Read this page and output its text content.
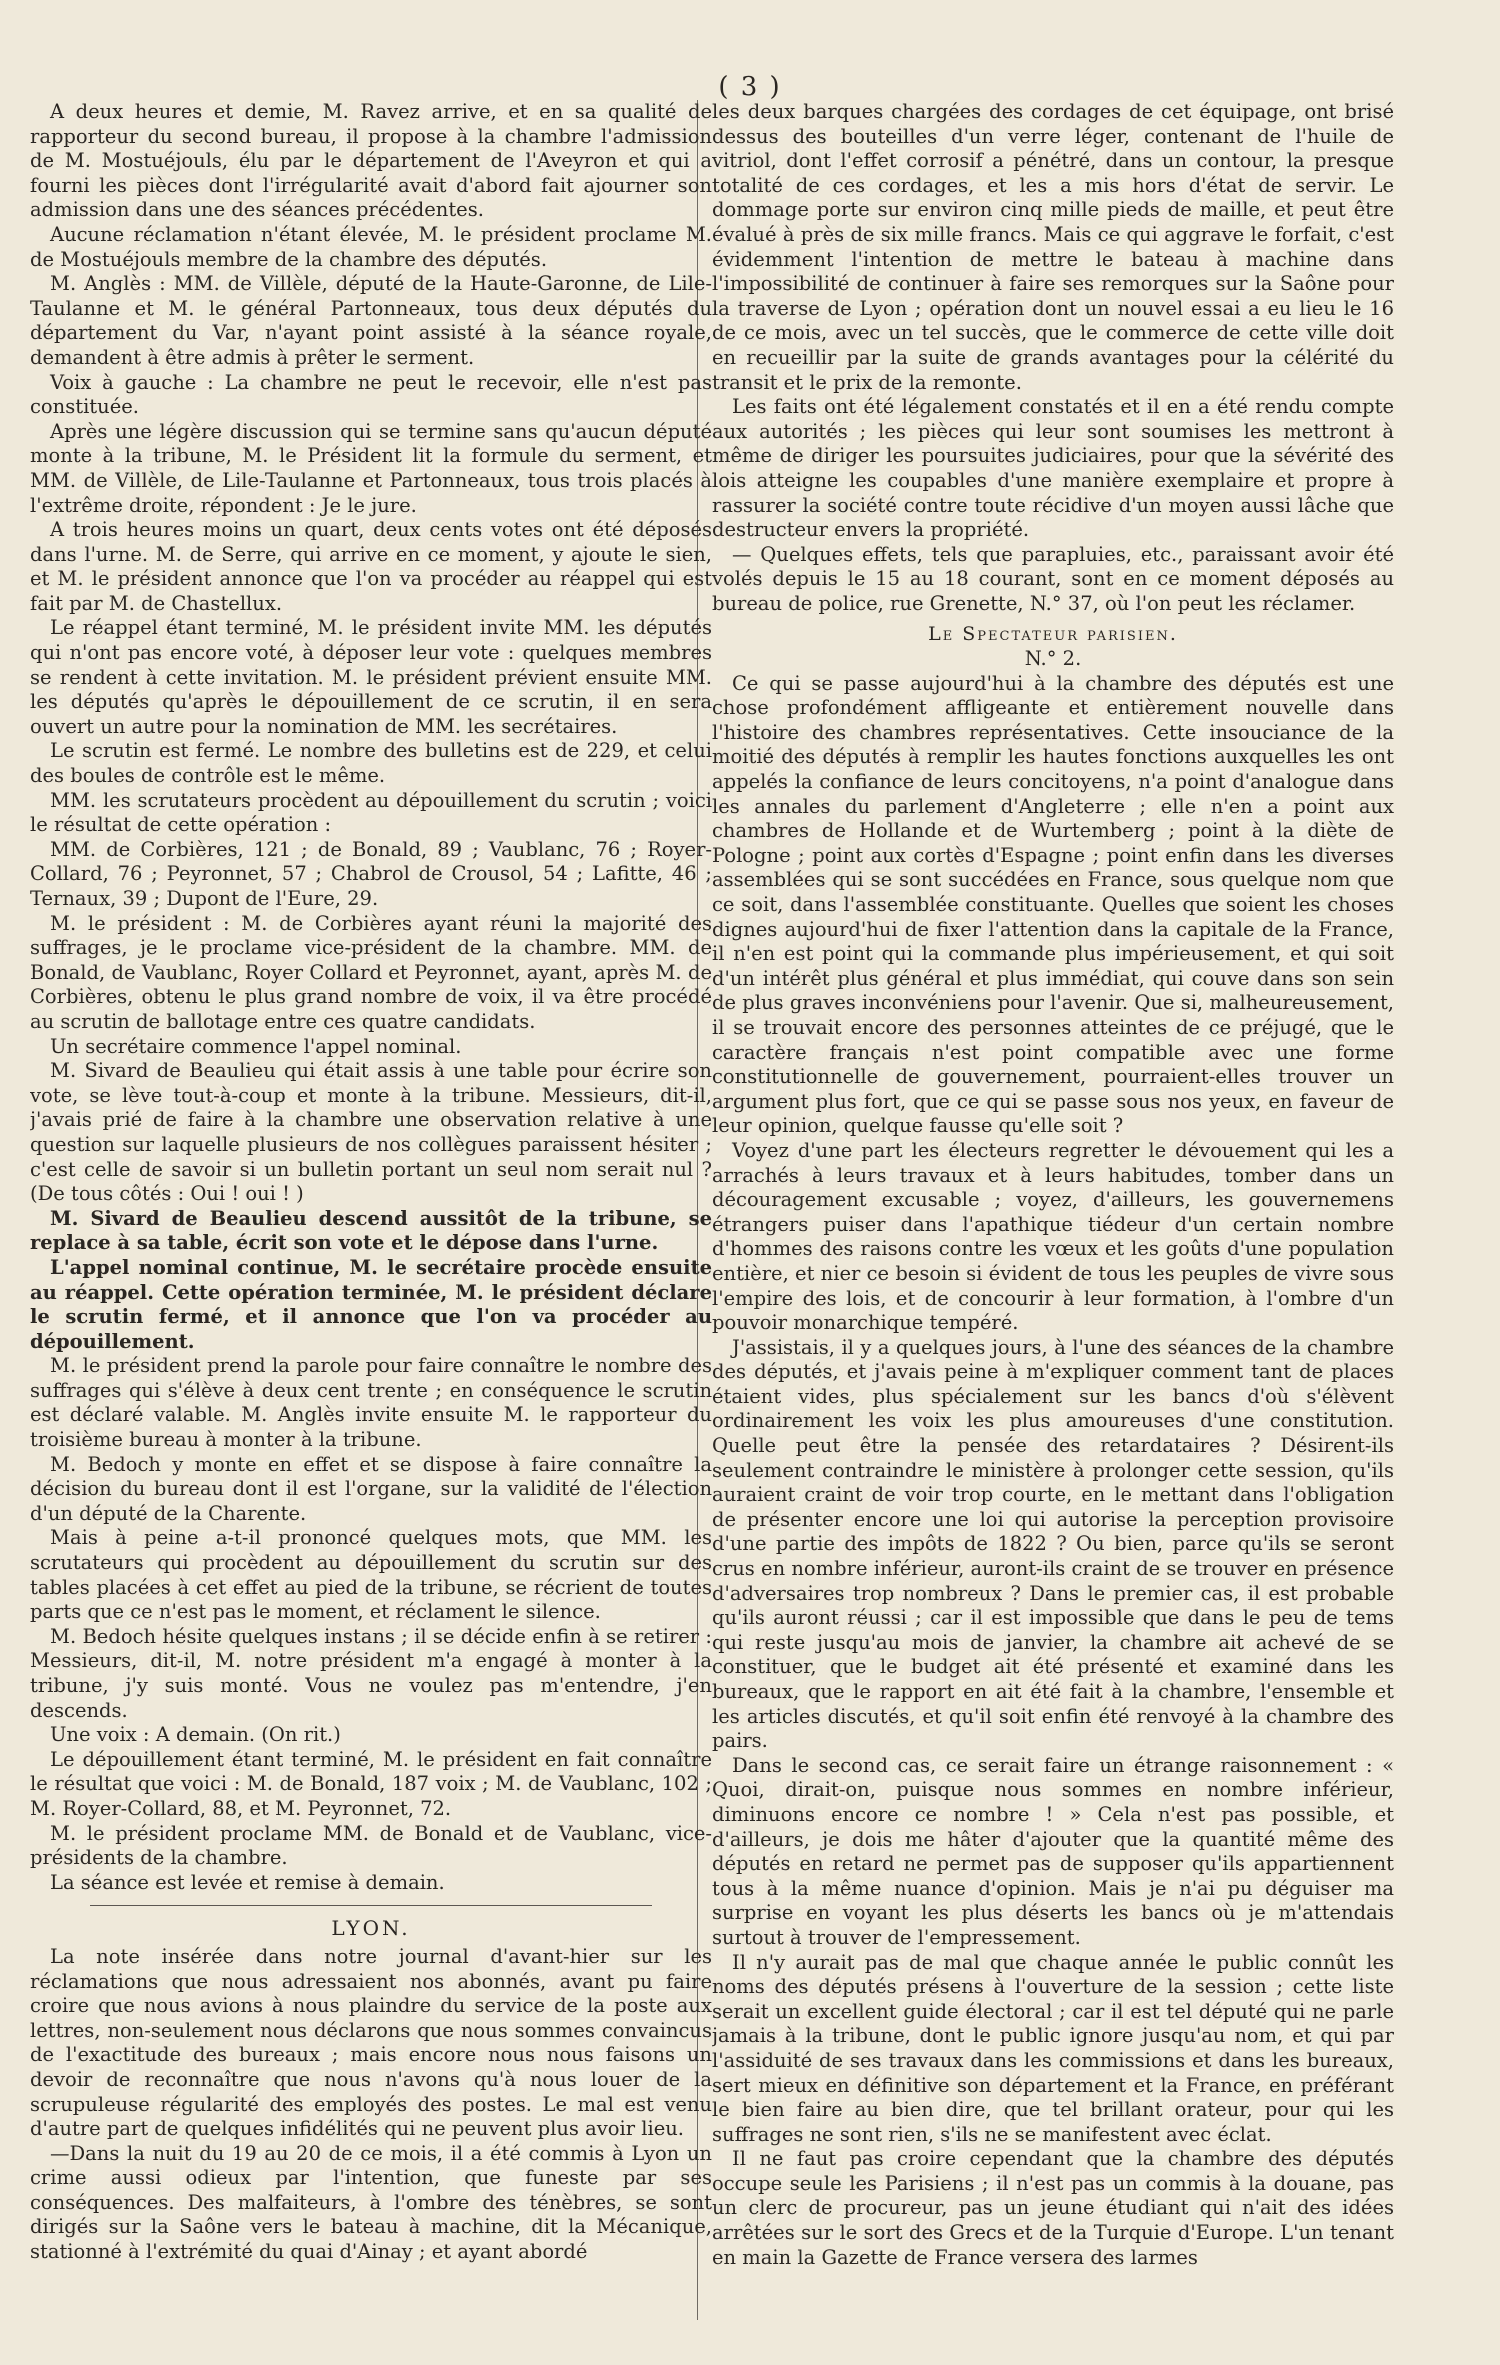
( 3 )

A deux heures et demie, M. Ravez arrive, et en sa qualité de rapporteur du second bureau, il propose à la chambre l'admission de M. Mostuéjouls, élu par le département de l'Aveyron et qui a fourni les pièces dont l'irrégularité avait d'abord fait ajourner son admission dans une des séances précédentes.

Aucune réclamation n'étant élevée, M. le président proclame M. de Mostuéjouls membre de la chambre des députés.

M. Anglès : MM. de Villèle, député de la Haute-Garonne, de Lile-Taulanne et M. le général Partonneaux, tous deux députés du département du Var, n'ayant point assisté à la séance royale, demandent à être admis à prêter le serment.

Voix à gauche : La chambre ne peut le recevoir, elle n'est pas constituée.

Après une légère discussion qui se termine sans qu'aucun député monte à la tribune, M. le Président lit la formule du serment, et MM. de Villèle, de Lile-Taulanne et Partonneaux, tous trois placés à l'extrême droite, répondent : Je le jure.

A trois heures moins un quart, deux cents votes ont été déposés dans l'urne. M. de Serre, qui arrive en ce moment, y ajoute le sien, et M. le président annonce que l'on va procéder au réappel qui est fait par M. de Chastellux.

Le réappel étant terminé, M. le président invite MM. les députés qui n'ont pas encore voté, à déposer leur vote : quelques membres se rendent à cette invitation. M. le président prévient ensuite MM. les députés qu'après le dépouillement de ce scrutin, il en sera ouvert un autre pour la nomination de MM. les secrétaires.

Le scrutin est fermé. Le nombre des bulletins est de 229, et celui des boules de contrôle est le même.

MM. les scrutateurs procèdent au dépouillement du scrutin ; voici le résultat de cette opération :

MM. de Corbières, 121 ; de Bonald, 89 ; Vaublanc, 76 ; Royer-Collard, 76 ; Peyronnet, 57 ; Chabrol de Crousol, 54 ; Lafitte, 46 ; Ternaux, 39 ; Dupont de l'Eure, 29.

M. le président : M. de Corbières ayant réuni la majorité des suffrages, je le proclame vice-président de la chambre. MM. de Bonald, de Vaublanc, Royer Collard et Peyronnet, ayant, après M. de Corbières, obtenu le plus grand nombre de voix, il va être procédé au scrutin de ballotage entre ces quatre candidats.

Un secrétaire commence l'appel nominal.

M. Sivard de Beaulieu qui était assis à une table pour écrire son vote, se lève tout-à-coup et monte à la tribune. Messieurs, dit-il, j'avais prié de faire à la chambre une observation relative à une question sur laquelle plusieurs de nos collègues paraissent hésiter ; c'est celle de savoir si un bulletin portant un seul nom serait nul ? (De tous côtés : Oui ! oui ! )

M. Sivard de Beaulieu descend aussitôt de la tribune, se replace à sa table, écrit son vote et le dépose dans l'urne.

L'appel nominal continue, M. le secrétaire procède ensuite au réappel. Cette opération terminée, M. le président déclare le scrutin fermé, et il annonce que l'on va procéder au dépouillement.

M. le président prend la parole pour faire connaître le nombre des suffrages qui s'élève à deux cent trente ; en conséquence le scrutin est déclaré valable. M. Anglès invite ensuite M. le rapporteur du troisième bureau à monter à la tribune.

M. Bedoch y monte en effet et se dispose à faire connaître la décision du bureau dont il est l'organe, sur la validité de l'élection d'un député de la Charente.

Mais à peine a-t-il prononcé quelques mots, que MM. les scrutateurs qui procèdent au dépouillement du scrutin sur des tables placées à cet effet au pied de la tribune, se récrient de toutes parts que ce n'est pas le moment, et réclament le silence.

M. Bedoch hésite quelques instans ; il se décide enfin à se retirer : Messieurs, dit-il, M. notre président m'a engagé à monter à la tribune, j'y suis monté. Vous ne voulez pas m'entendre, j'en descends.

Une voix : A demain. (On rit.)

Le dépouillement étant terminé, M. le président en fait connaître le résultat que voici : M. de Bonald, 187 voix ; M. de Vaublanc, 102 ; M. Royer-Collard, 88, et M. Peyronnet, 72.

M. le président proclame MM. de Bonald et de Vaublanc, vice-présidents de la chambre.

La séance est levée et remise à demain.

LYON.

La note insérée dans notre journal d'avant-hier sur les réclamations que nous adressaient nos abonnés, avant pu faire croire que nous avions à nous plaindre du service de la poste aux lettres, non-seulement nous déclarons que nous sommes convaincus de l'exactitude des bureaux ; mais encore nous nous faisons un devoir de reconnaître que nous n'avons qu'à nous louer de la scrupuleuse régularité des employés des postes. Le mal est venu d'autre part de quelques infidélités qui ne peuvent plus avoir lieu.

—Dans la nuit du 19 au 20 de ce mois, il a été commis à Lyon un crime aussi odieux par l'intention, que funeste par ses conséquences. Des malfaiteurs, à l'ombre des ténèbres, se sont dirigés sur la Saône vers le bateau à machine, dit la Mécanique, stationné à l'extrémité du quai d'Ainay ; et ayant abordé

les deux barques chargées des cordages de cet équipage, ont brisé dessus des bouteilles d'un verre léger, contenant de l'huile de vitriol, dont l'effet corrosif a pénétré, dans un contour, la presque totalité de ces cordages, et les a mis hors d'état de servir. Le dommage porte sur environ cinq mille pieds de maille, et peut être évalué à près de six mille francs. Mais ce qui aggrave le forfait, c'est évidemment l'intention de mettre le bateau à machine dans l'impossibilité de continuer à faire ses remorques sur la Saône pour la traverse de Lyon ; opération dont un nouvel essai a eu lieu le 16 de ce mois, avec un tel succès, que le commerce de cette ville doit en recueillir par la suite de grands avantages pour la célérité du transit et le prix de la remonte.

Les faits ont été légalement constatés et il en a été rendu compte aux autorités ; les pièces qui leur sont soumises les mettront à même de diriger les poursuites judiciaires, pour que la sévérité des lois atteigne les coupables d'une manière exemplaire et propre à rassurer la société contre toute récidive d'un moyen aussi lâche que destructeur envers la propriété.

— Quelques effets, tels que parapluies, etc., paraissant avoir été volés depuis le 15 au 18 courant, sont en ce moment déposés au bureau de police, rue Grenette, N.° 37, où l'on peut les réclamer.

Le Spectateur parisien.

N.° 2.

Ce qui se passe aujourd'hui à la chambre des députés est une chose profondément affligeante et entièrement nouvelle dans l'histoire des chambres représentatives. Cette insouciance de la moitié des députés à remplir les hautes fonctions auxquelles les ont appelés la confiance de leurs concitoyens, n'a point d'analogue dans les annales du parlement d'Angleterre ; elle n'en a point aux chambres de Hollande et de Wurtemberg ; point à la diète de Pologne ; point aux cortès d'Espagne ; point enfin dans les diverses assemblées qui se sont succédées en France, sous quelque nom que ce soit, dans l'assemblée constituante. Quelles que soient les choses dignes aujourd'hui de fixer l'attention dans la capitale de la France, il n'en est point qui la commande plus impérieusement, et qui soit d'un intérêt plus général et plus immédiat, qui couve dans son sein de plus graves inconvéniens pour l'avenir. Que si, malheureusement, il se trouvait encore des personnes atteintes de ce préjugé, que le caractère français n'est point compatible avec une forme constitutionnelle de gouvernement, pourraient-elles trouver un argument plus fort, que ce qui se passe sous nos yeux, en faveur de leur opinion, quelque fausse qu'elle soit ?

Voyez d'une part les électeurs regretter le dévouement qui les a arrachés à leurs travaux et à leurs habitudes, tomber dans un découragement excusable ; voyez, d'ailleurs, les gouvernemens étrangers puiser dans l'apathique tiédeur d'un certain nombre d'hommes des raisons contre les vœux et les goûts d'une population entière, et nier ce besoin si évident de tous les peuples de vivre sous l'empire des lois, et de concourir à leur formation, à l'ombre d'un pouvoir monarchique tempéré.

J'assistais, il y a quelques jours, à l'une des séances de la chambre des députés, et j'avais peine à m'expliquer comment tant de places étaient vides, plus spécialement sur les bancs d'où s'élèvent ordinairement les voix les plus amoureuses d'une constitution. Quelle peut être la pensée des retardataires ? Désirent-ils seulement contraindre le ministère à prolonger cette session, qu'ils auraient craint de voir trop courte, en le mettant dans l'obligation de présenter encore une loi qui autorise la perception provisoire d'une partie des impôts de 1822 ? Ou bien, parce qu'ils se seront crus en nombre inférieur, auront-ils craint de se trouver en présence d'adversaires trop nombreux ? Dans le premier cas, il est probable qu'ils auront réussi ; car il est impossible que dans le peu de tems qui reste jusqu'au mois de janvier, la chambre ait achevé de se constituer, que le budget ait été présenté et examiné dans les bureaux, que le rapport en ait été fait à la chambre, l'ensemble et les articles discutés, et qu'il soit enfin été renvoyé à la chambre des pairs.

Dans le second cas, ce serait faire un étrange raisonnement : « Quoi, dirait-on, puisque nous sommes en nombre inférieur, diminuons encore ce nombre ! » Cela n'est pas possible, et d'ailleurs, je dois me hâter d'ajouter que la quantité même des députés en retard ne permet pas de supposer qu'ils appartiennent tous à la même nuance d'opinion. Mais je n'ai pu déguiser ma surprise en voyant les plus déserts les bancs où je m'attendais surtout à trouver de l'empressement.

Il n'y aurait pas de mal que chaque année le public connût les noms des députés présens à l'ouverture de la session ; cette liste serait un excellent guide électoral ; car il est tel député qui ne parle jamais à la tribune, dont le public ignore jusqu'au nom, et qui par l'assiduité de ses travaux dans les commissions et dans les bureaux, sert mieux en définitive son département et la France, en préférant le bien faire au bien dire, que tel brillant orateur, pour qui les suffrages ne sont rien, s'ils ne se manifestent avec éclat.

Il ne faut pas croire cependant que la chambre des députés occupe seule les Parisiens ; il n'est pas un commis à la douane, pas un clerc de procureur, pas un jeune étudiant qui n'ait des idées arrêtées sur le sort des Grecs et de la Turquie d'Europe. L'un tenant en main la Gazette de France versera des larmes
